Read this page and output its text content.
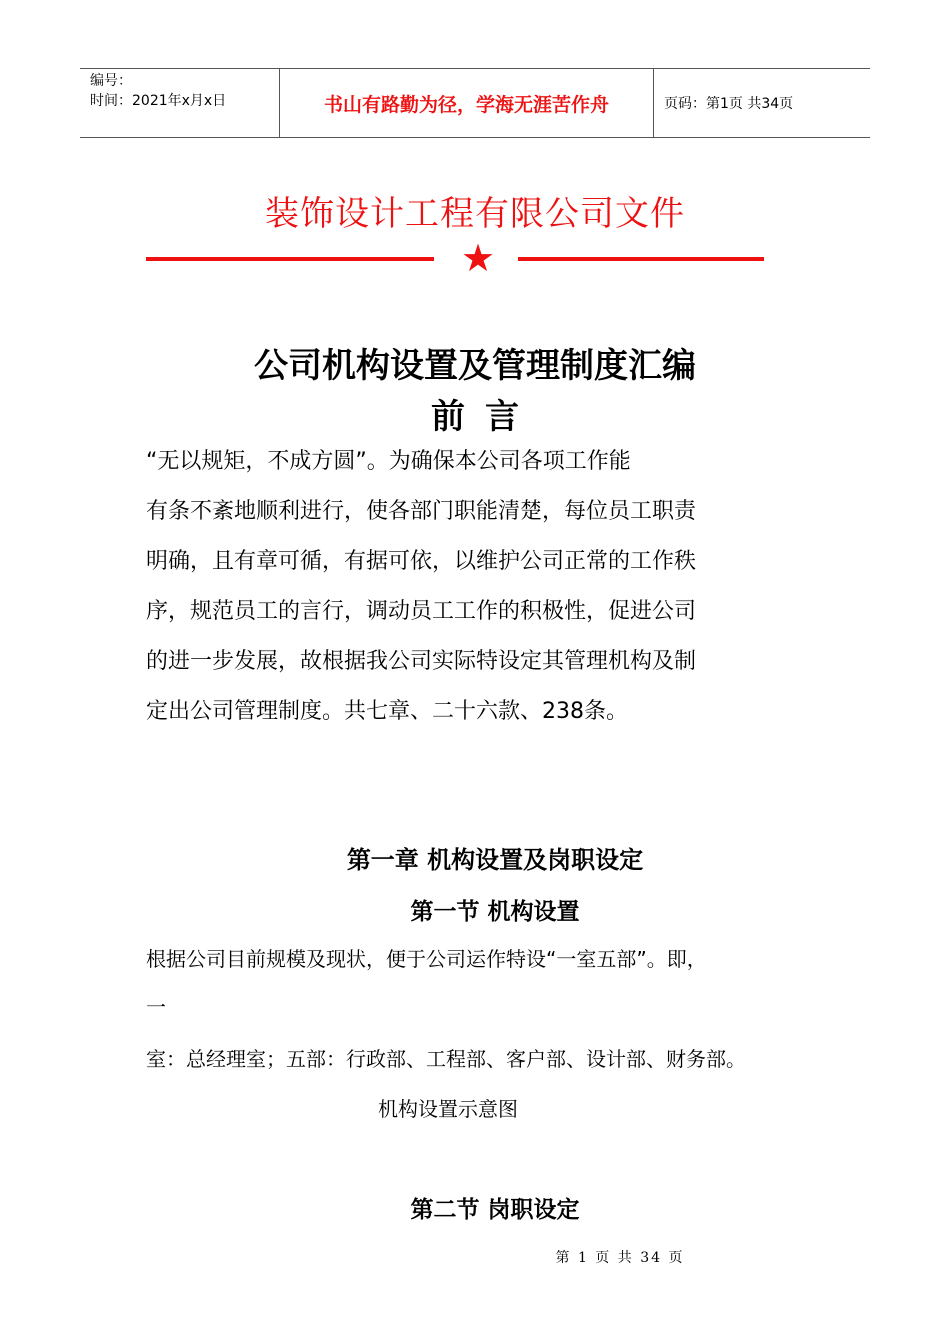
编号：
时间：2021年x月x日	书山有路勤为径，学海无涯苦作舟	页码：第1页 共34页
装饰设计工程有限公司文件
★
公司机构设置及管理制度汇编
前言
“无以规矩，不成方圆”。为确保本公司各项工作能
有条不紊地顺利进行，使各部门职能清楚，每位员工职责
明确，且有章可循，有据可依，以维护公司正常的工作秩
序，规范员工的言行，调动员工工作的积极性，促进公司
的进一步发展，故根据我公司实际特设定其管理机构及制
定出公司管理制度。共七章、二十六款、238条。
第一章 机构设置及岗职设定
第一节 机构设置
根据公司目前规模及现状，便于公司运作特设“一室五部”。即，
一
室：总经理室；五部：行政部、工程部、客户部、设计部、财务部。
机构设置示意图
第二节 岗职设定
第 1 页 共 34 页
